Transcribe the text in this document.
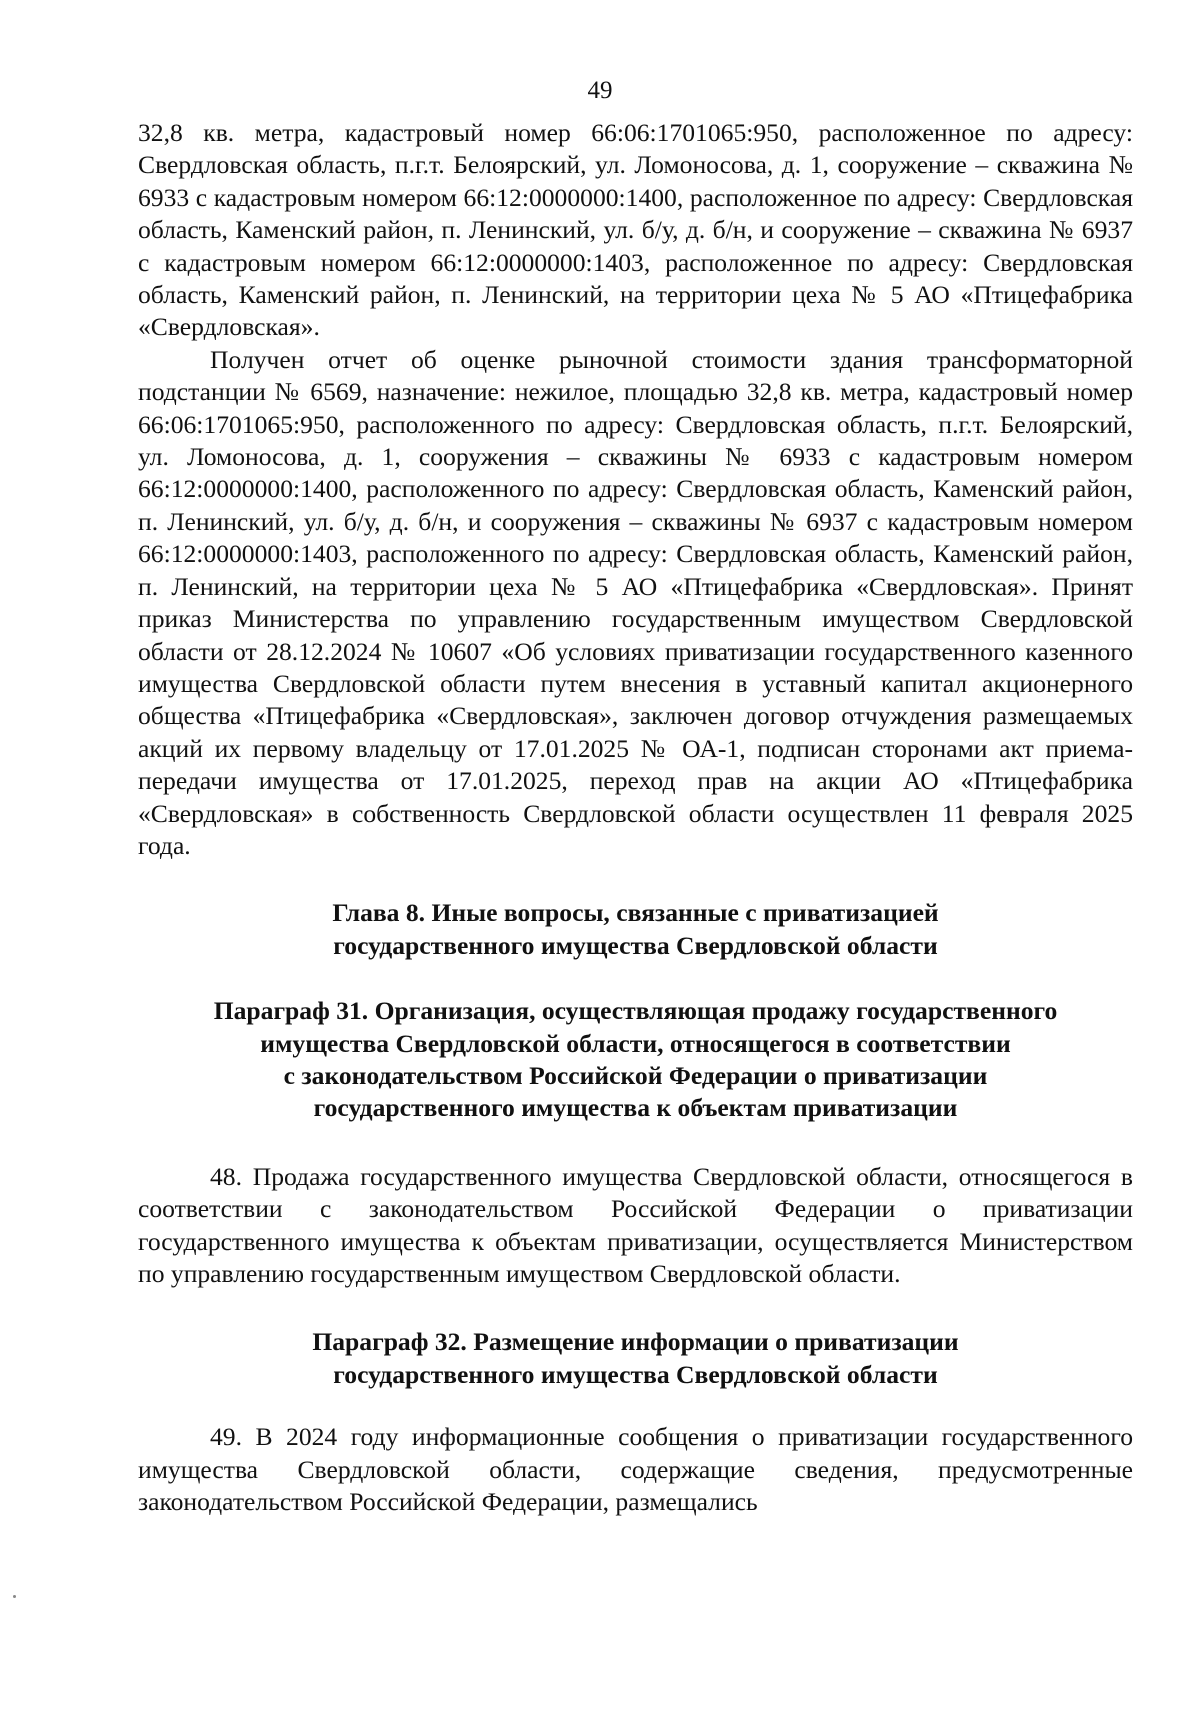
49

32,8 кв. метра, кадастровый номер 66:06:1701065:950, расположенное по адресу: Свердловская область, п.г.т. Белоярский, ул. Ломоносова, д. 1, сооружение – скважина № 6933 с кадастровым номером 66:12:0000000:1400, расположенное по адресу: Свердловская область, Каменский район, п. Ленинский, ул. б/у, д. б/н, и сооружение – скважина № 6937 с кадастровым номером 66:12:0000000:1403, расположенное по адресу: Свердловская область, Каменский район, п. Ленинский, на территории цеха № 5 АО «Птицефабрика «Свердловская».

Получен отчет об оценке рыночной стоимости здания трансформаторной подстанции № 6569, назначение: нежилое, площадью 32,8 кв. метра, кадастровый номер 66:06:1701065:950, расположенного по адресу: Свердловская область, п.г.т. Белоярский, ул. Ломоносова, д. 1, сооружения – скважины № 6933 с кадастровым номером 66:12:0000000:1400, расположенного по адресу: Свердловская область, Каменский район, п. Ленинский, ул. б/у, д. б/н, и сооружения – скважины № 6937 с кадастровым номером 66:12:0000000:1403, расположенного по адресу: Свердловская область, Каменский район, п. Ленинский, на территории цеха № 5 АО «Птицефабрика «Свердловская». Принят приказ Министерства по управлению государственным имуществом Свердловской области от 28.12.2024 № 10607 «Об условиях приватизации государственного казенного имущества Свердловской области путем внесения в уставный капитал акционерного общества «Птицефабрика «Свердловская», заключен договор отчуждения размещаемых акций их первому владельцу от 17.01.2025 № ОА-1, подписан сторонами акт приема-передачи имущества от 17.01.2025, переход прав на акции АО «Птицефабрика «Свердловская» в собственность Свердловской области осуществлен 11 февраля 2025 года.

Глава 8. Иные вопросы, связанные с приватизацией
государственного имущества Свердловской области
Параграф 31. Организация, осуществляющая продажу государственного
имущества Свердловской области, относящегося в соответствии
с законодательством Российской Федерации о приватизации
государственного имущества к объектам приватизации

48. Продажа государственного имущества Свердловской области, относящегося в соответствии с законодательством Российской Федерации о приватизации государственного имущества к объектам приватизации, осуществляется Министерством по управлению государственным имуществом Свердловской области.

Параграф 32. Размещение информации о приватизации
государственного имущества Свердловской области

49. В 2024 году информационные сообщения о приватизации государственного имущества Свердловской области, содержащие сведения, предусмотренные законодательством Российской Федерации, размещались
